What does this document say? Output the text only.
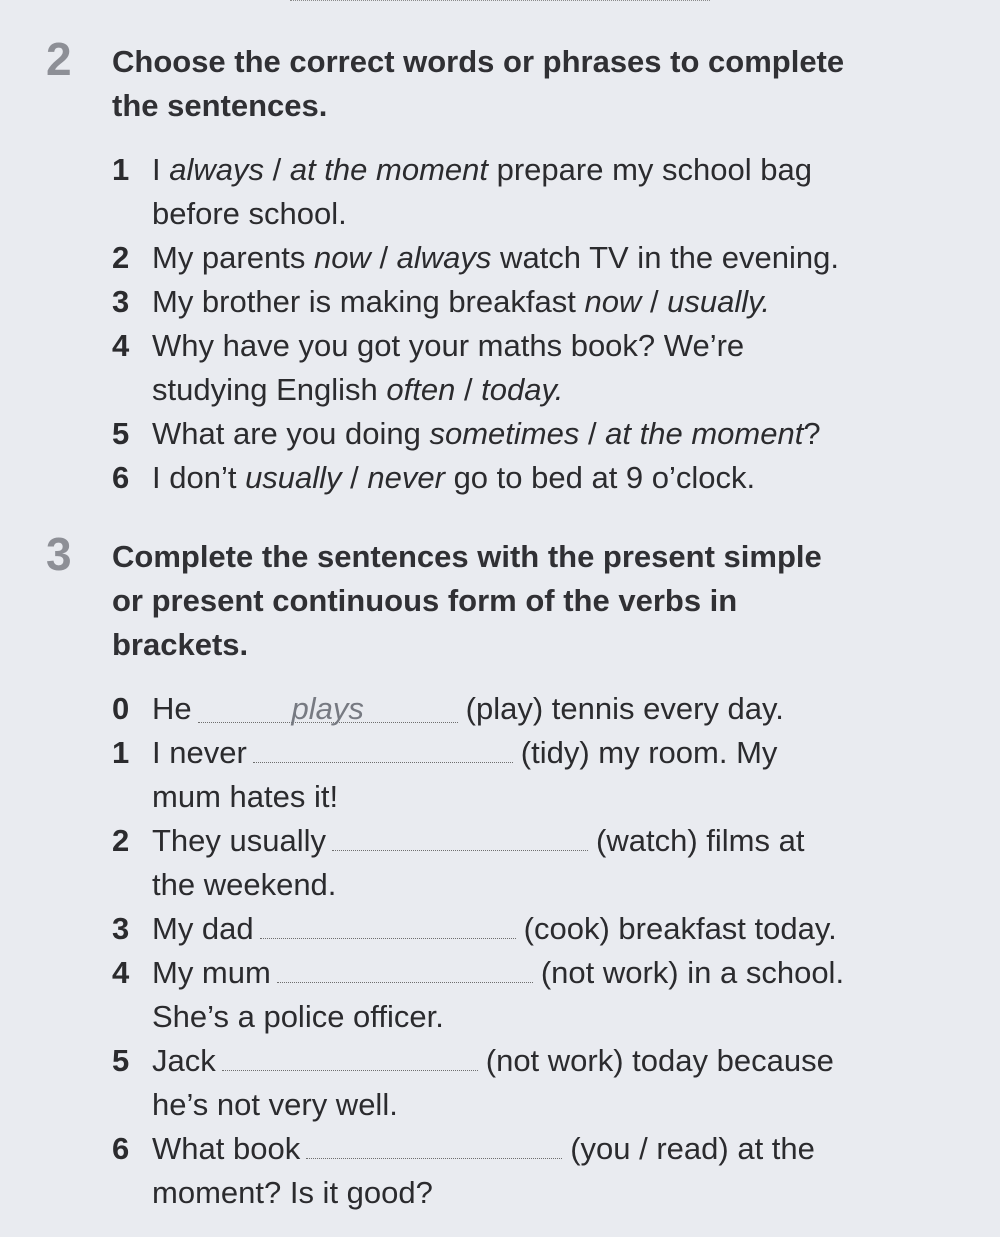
2 Choose the correct words or phrases to complete
the sentences.
1 I always / at the moment prepare my school bag
before school.
2 My parents now / always watch TV in the evening.
3 My brother is making breakfast now / usually.
4 Why have you got your maths book? We’re
studying English often / today.
5 What are you doing sometimes / at the moment?
6 I don’t usually / never go to bed at 9 o’clock.
3 Complete the sentences with the present simple
or present continuous form of the verbs in
brackets.
0 He	plays	(play) tennis every day.
1 I never	(tidy) my room. My
mum hates it!
2 They usually	(watch) films at
the weekend.
3 My dad	(cook) breakfast today.
4 My mum	(not work) in a school.
She’s a police officer.
5 Jack	(not work) today because
he’s not very well.
6 What book	(you / read) at the
moment? Is it good?
